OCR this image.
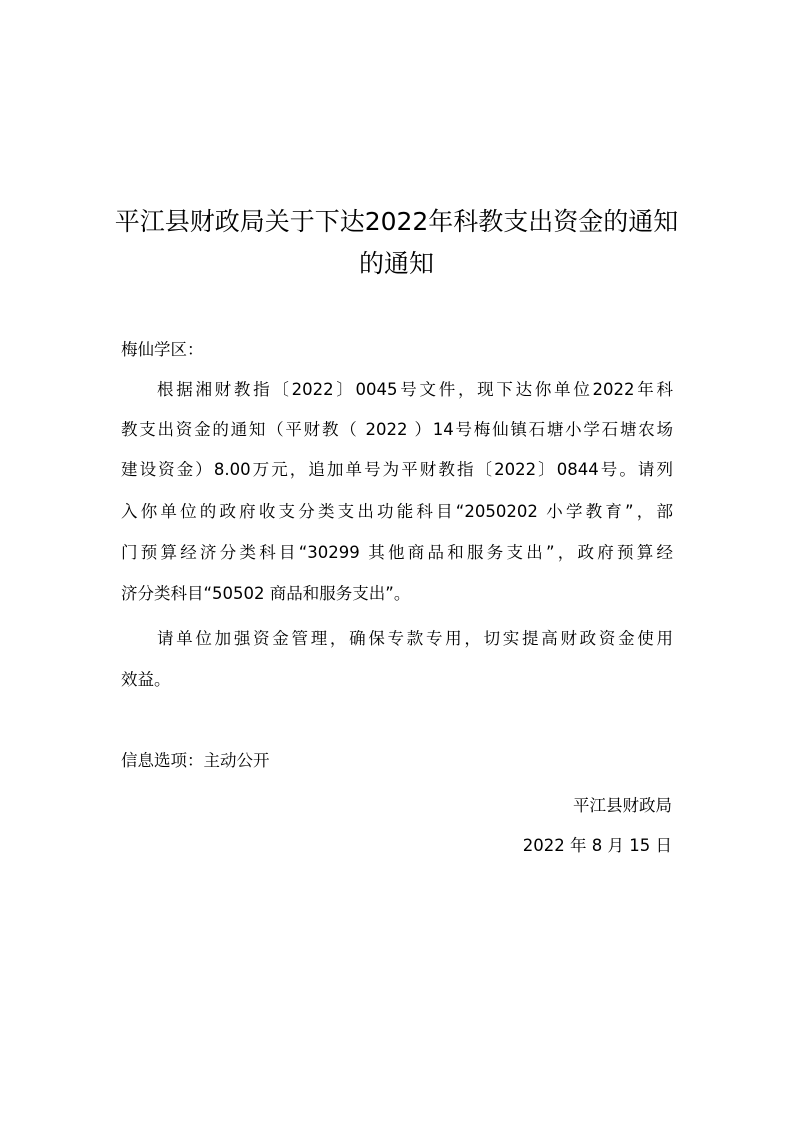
平江县财政局关于下达2022年科教支出资金的通知
的通知
梅仙学区：
根据湘财教指〔2022〕0045号文件，现下达你单位2022年科
教支出资金的通知（平财教（ 2022 ）14号梅仙镇石塘小学石塘农场
建设资金）8.00万元，追加单号为平财教指〔2022〕0844号。请列
入你单位的政府收支分类支出功能科目“2050202 小学教育”，部
门预算经济分类科目“30299 其他商品和服务支出”，政府预算经
济分类科目“50502 商品和服务支出”。
请单位加强资金管理，确保专款专用，切实提高财政资金使用
效益。
信息选项：主动公开
平江县财政局
2022 年 8 月 15 日
